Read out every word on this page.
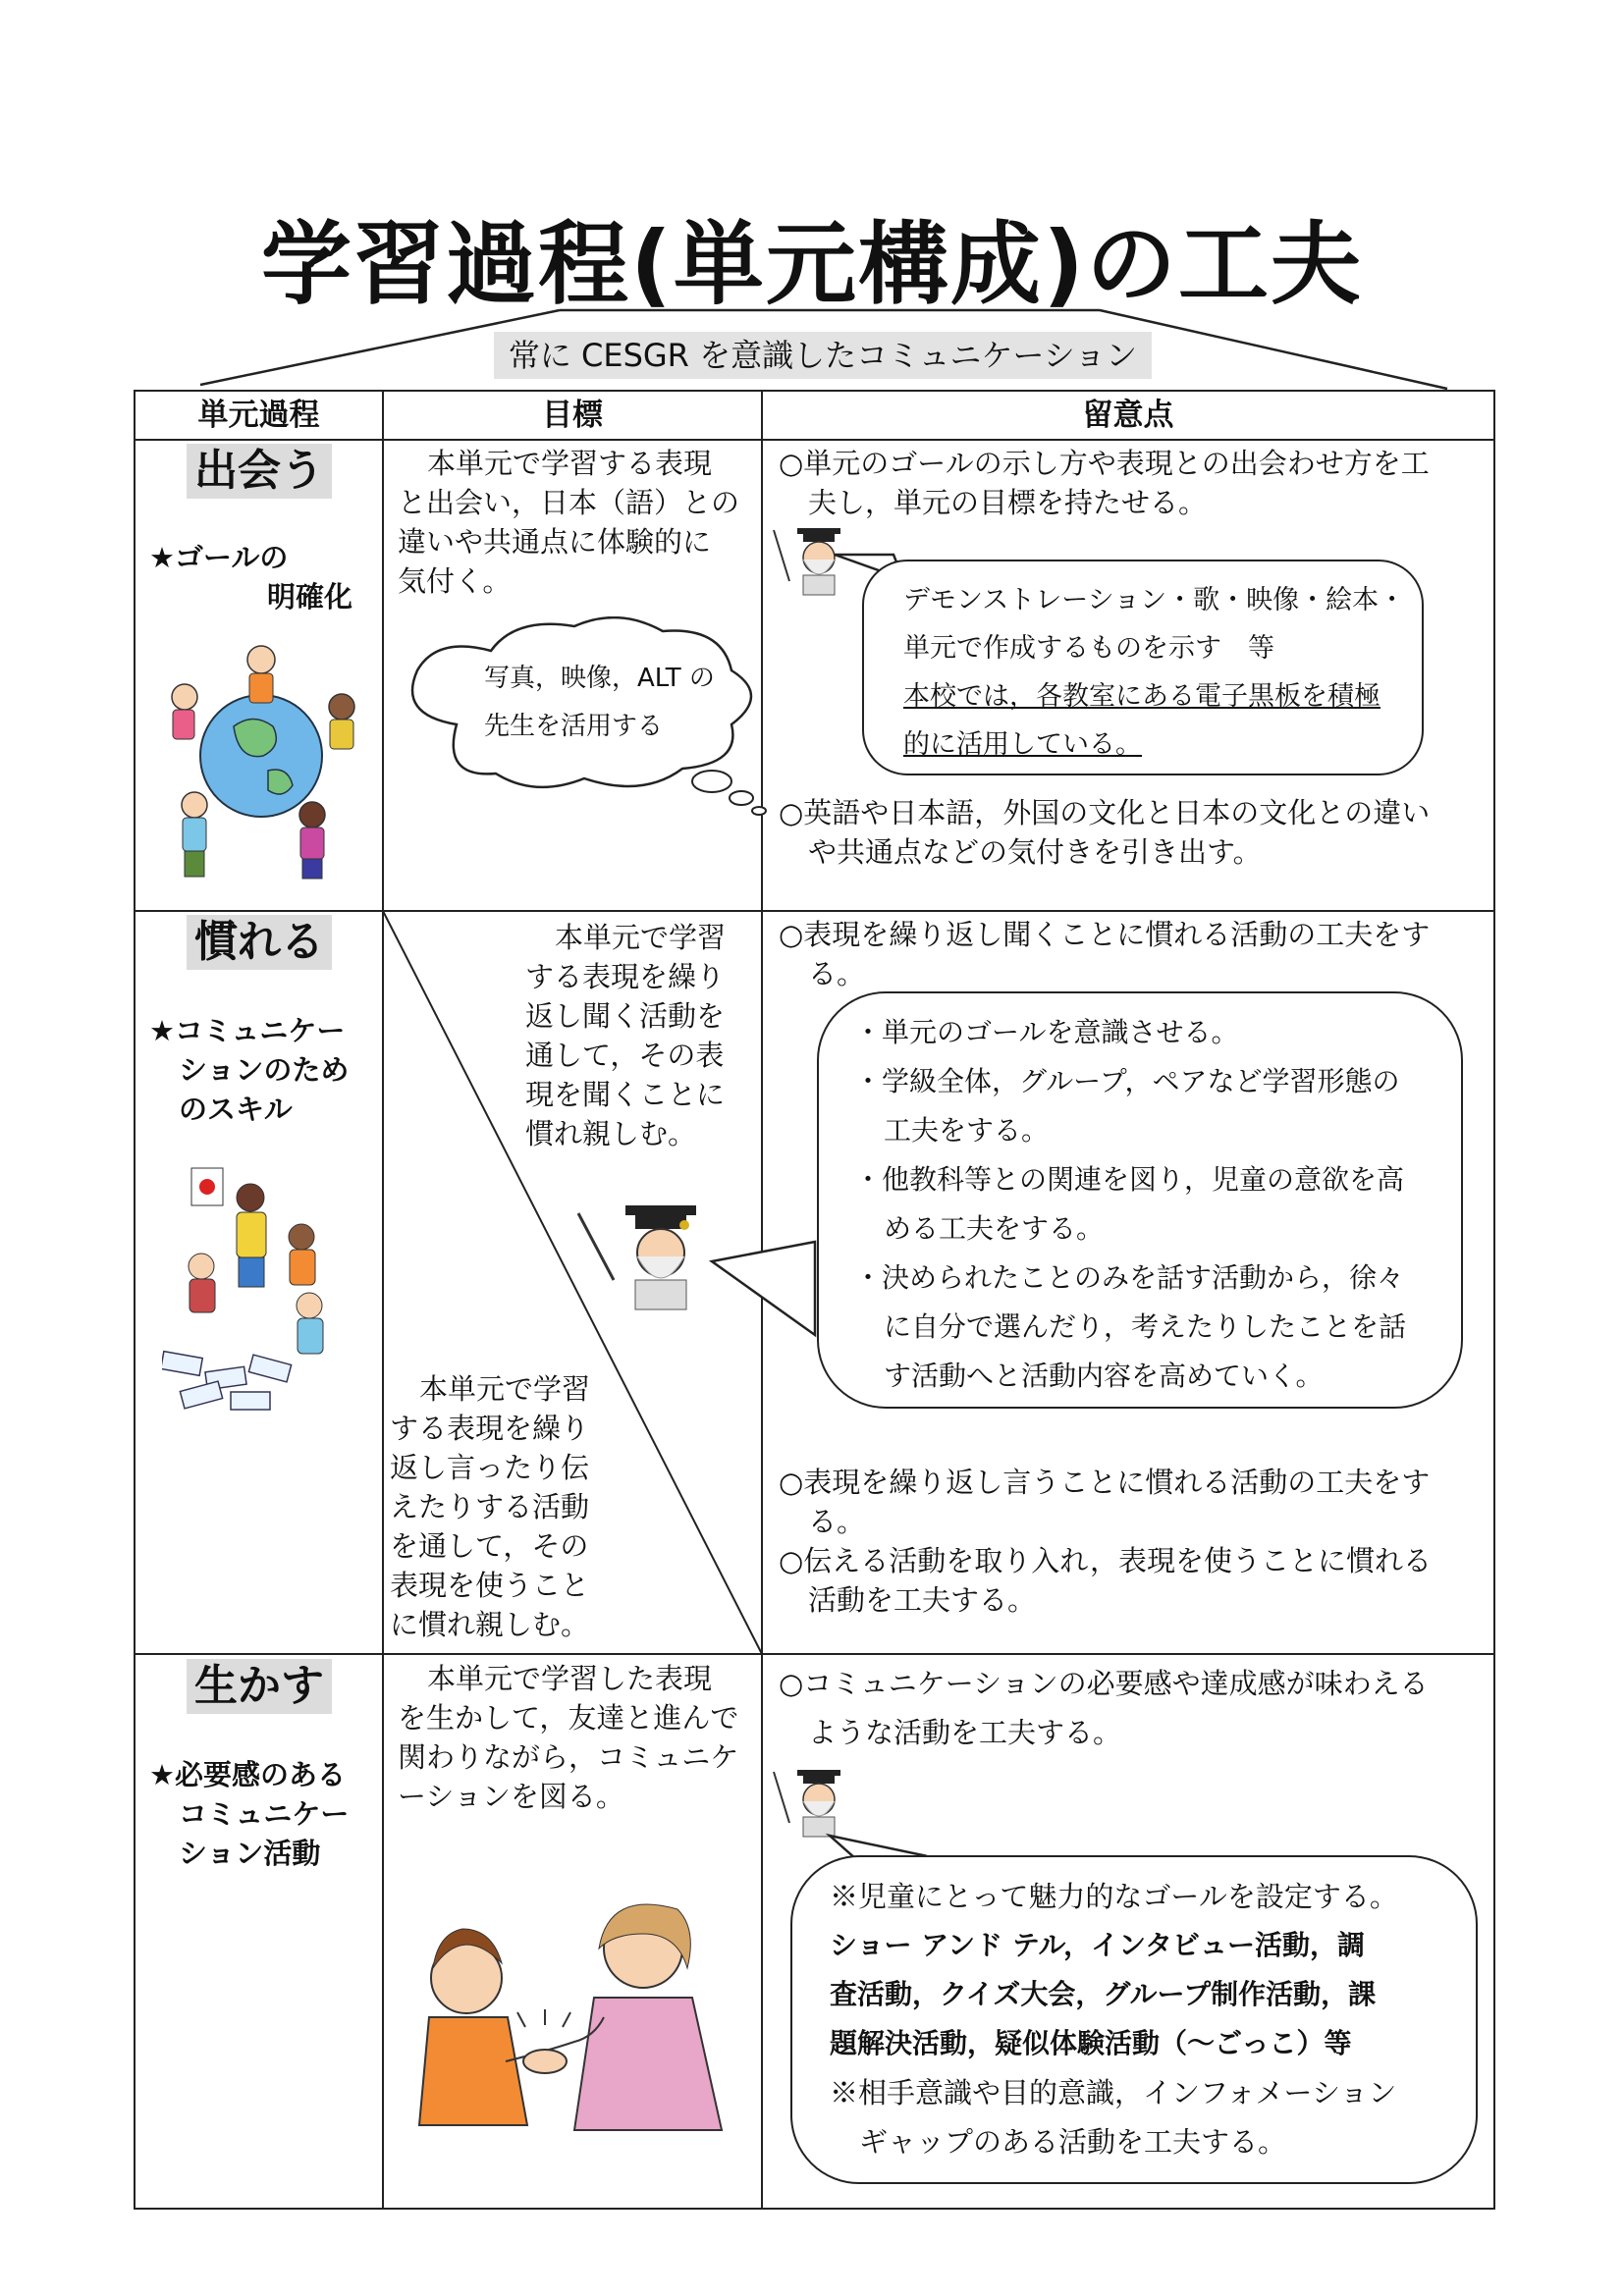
学習過程(単元構成)の工夫
常に CESGR を意識したコミュニケーション
単元過程	目標	留意点
出会う
★ゴールの
明確化
本単元で学習する表現
と出会い，日本（語）との
違いや共通点に体験的に
気付く。
写真，映像，ALT の
先生を活用する
○単元のゴールの示し方や表現との出会わせ方を工
夫し，単元の目標を持たせる。
デモンストレーション・歌・映像・絵本・
単元で作成するものを示す　等
本校では，各教室にある電子黒板を積極
的に活用している。
○英語や日本語，外国の文化と日本の文化との違い
や共通点などの気付きを引き出す。
慣れる
★コミュニケー
ションのため
のスキル
本単元で学習
する表現を繰り
返し聞く活動を
通して，その表
現を聞くことに
慣れ親しむ。
・単元のゴールを意識させる。
・学級全体，グループ，ペアなど学習形態の
工夫をする。
・他教科等との関連を図り，児童の意欲を高
める工夫をする。
・決められたことのみを話す活動から，徐々
に自分で選んだり，考えたりしたことを話
す活動へと活動内容を高めていく。
本単元で学習
する表現を繰り
返し言ったり伝
えたりする活動
を通して，その
表現を使うこと
に慣れ親しむ。
○表現を繰り返し聞くことに慣れる活動の工夫をす
る。
○表現を繰り返し言うことに慣れる活動の工夫をす
る。
○伝える活動を取り入れ，表現を使うことに慣れる
活動を工夫する。
生かす
★必要感のある
コミュニケー
ション活動
本単元で学習した表現
を生かして，友達と進んで
関わりながら，コミュニケ
ーションを図る。
○コミュニケーションの必要感や達成感が味わえる
ような活動を工夫する。
※児童にとって魅力的なゴールを設定する。
ショー アンド テル，インタビュー活動，調
査活動，クイズ大会，グループ制作活動，課
題解決活動，疑似体験活動（～ごっこ）等
※相手意識や目的意識，インフォメーション
ギャップのある活動を工夫する。
